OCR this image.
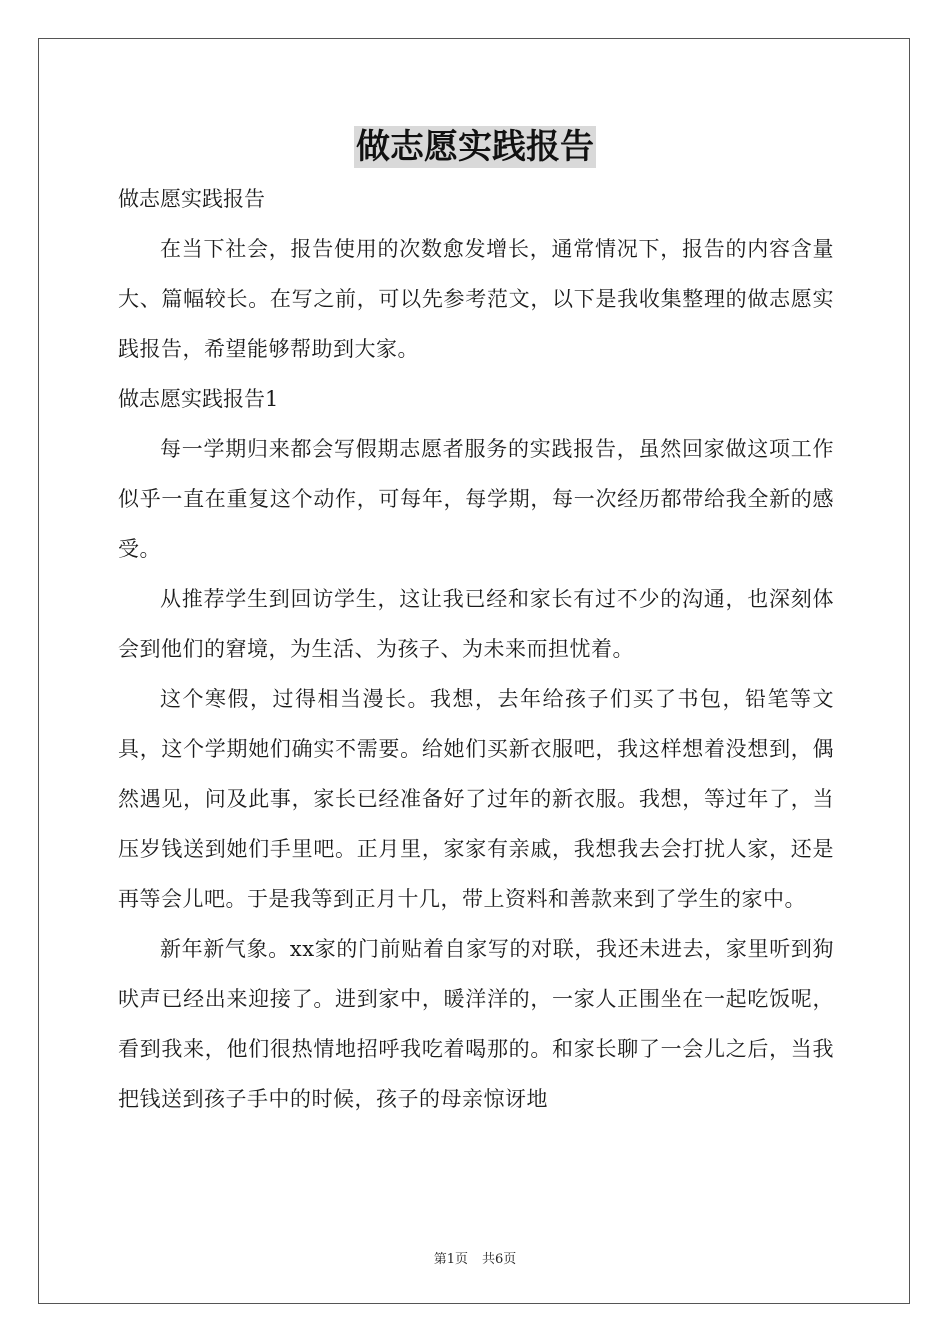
做志愿实践报告

做志愿实践报告

在当下社会，报告使用的次数愈发增长，通常情况下，报告的内容含量大、篇幅较长。在写之前，可以先参考范文，以下是我收集整理的做志愿实践报告，希望能够帮助到大家。

做志愿实践报告1

每一学期归来都会写假期志愿者服务的实践报告，虽然回家做这项工作似乎一直在重复这个动作，可每年，每学期，每一次经历都带给我全新的感受。

从推荐学生到回访学生，这让我已经和家长有过不少的沟通，也深刻体会到他们的窘境，为生活、为孩子、为未来而担忧着。

这个寒假，过得相当漫长。我想，去年给孩子们买了书包，铅笔等文具，这个学期她们确实不需要。给她们买新衣服吧，我这样想着没想到，偶然遇见，问及此事，家长已经准备好了过年的新衣服。我想，等过年了，当压岁钱送到她们手里吧。正月里，家家有亲戚，我想我去会打扰人家，还是再等会儿吧。于是我等到正月十几，带上资料和善款来到了学生的家中。

新年新气象。xx家的门前贴着自家写的对联，我还未进去，家里听到狗吠声已经出来迎接了。进到家中，暖洋洋的，一家人正围坐在一起吃饭呢，看到我来，他们很热情地招呼我吃着喝那的。和家长聊了一会儿之后，当我把钱送到孩子手中的时候，孩子的母亲惊讶地

第1页 共6页
